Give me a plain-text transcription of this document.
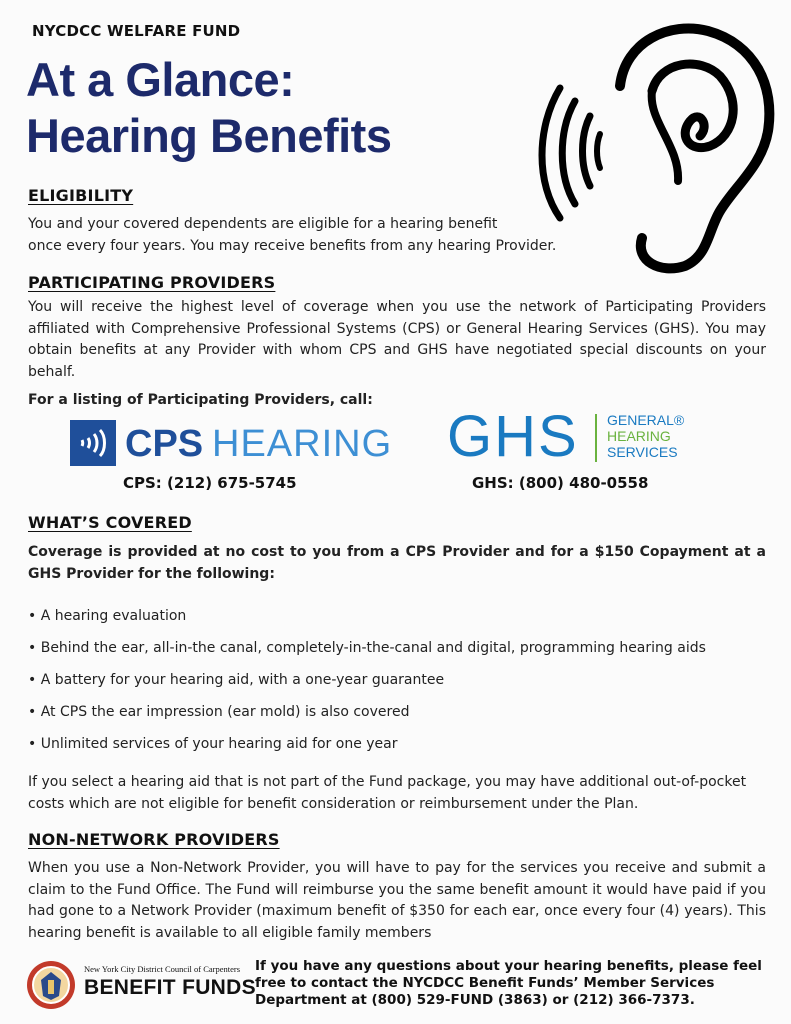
NYCDCC WELFARE FUND
At a Glance:
Hearing Benefits
ELIGIBILITY

You and your covered dependents are eligible for a hearing benefit

once every four years. You may receive benefits from any hearing Provider.

PARTICIPATING PROVIDERS

You will receive the highest level of coverage when you use the network of Participating Providers affiliated with Comprehensive Professional Systems (CPS) or General Hearing Services (GHS). You may obtain benefits at any Provider with whom CPS and GHS have negotiated special discounts on your behalf.

For a listing of Participating Providers, call:

CPS HEARING
CPS: (212) 675-5745
GHS GENERAL®
HEARING
SERVICES
GHS: (800) 480-0558
WHAT’S COVERED

Coverage is provided at no cost to you from a CPS Provider and for a $150 Copayment at a GHS Provider for the following:

• A hearing evaluation
• Behind the ear, all-in-the canal, completely-in-the-canal and digital, programming hearing aids
• A battery for your hearing aid, with a one-year guarantee
• At CPS the ear impression (ear mold) is also covered
• Unlimited services of your hearing aid for one year

If you select a hearing aid that is not part of the Fund package, you may have additional out-of-pocket costs which are not eligible for benefit consideration or reimbursement under the Plan.

NON-NETWORK PROVIDERS

When you use a Non-Network Provider, you will have to pay for the services you receive and submit a claim to the Fund Office. The Fund will reimburse you the same benefit amount it would have paid if you had gone to a Network Provider (maximum benefit of $350 for each ear, once every four (4) years). This hearing benefit is available to all eligible family members

New York City District Council of Carpenters
BENEFIT FUNDS
If you have any questions about your hearing benefits, please feel free to contact the NYCDCC Benefit Funds’ Member Services Department at (800) 529-FUND (3863) or (212) 366-7373.
